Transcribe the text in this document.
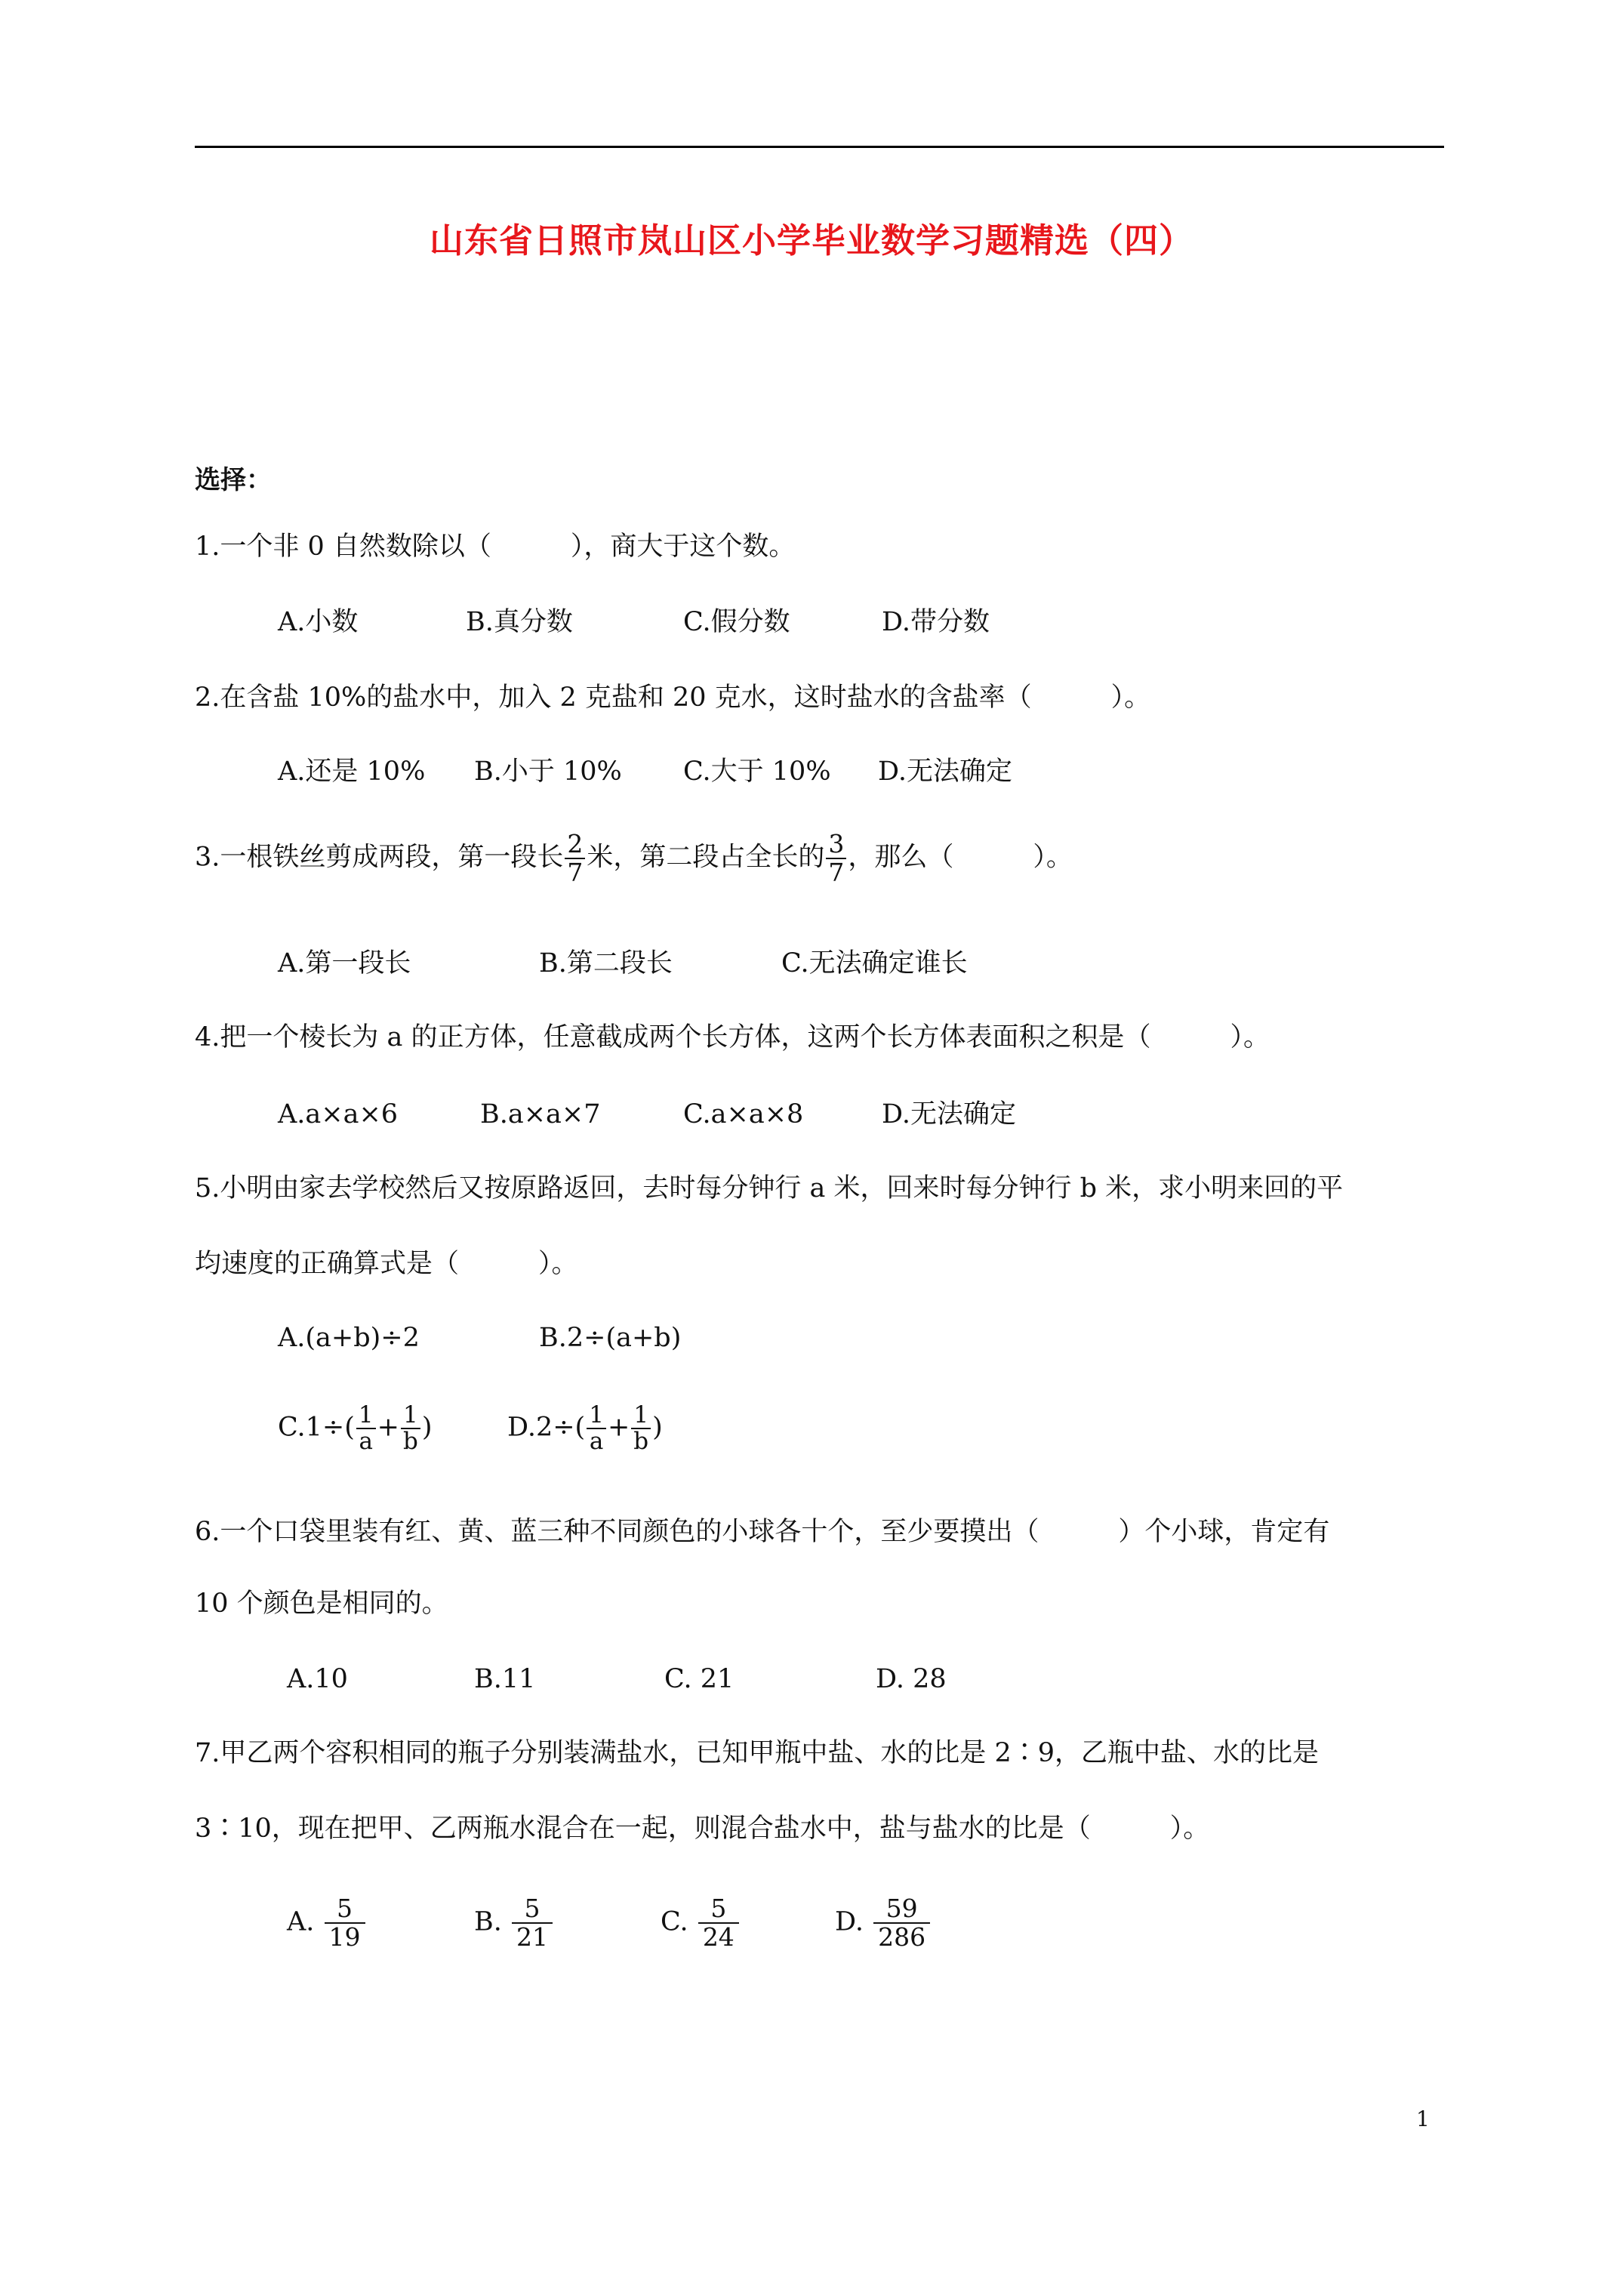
山东省日照市岚山区小学毕业数学习题精选（四）
选择：
1.一个非 0 自然数除以（　　　），商大于这个数。
A.小数	B.真分数	C.假分数	D.带分数
2.在含盐 10%的盐水中，加入 2 克盐和 20 克水，这时盐水的含盐率（　　　）。
A.还是 10% B.小于 10% C.大于 10% D.无法确定
3.一根铁丝剪成两段，第一段长 $\frac{2}{7}$ 米，第二段占全长的 $\frac{3}{7}$ ，那么（　　　）。
A.第一段长	B.第二段长	C.无法确定谁长
4.把一个棱长为 a 的正方体，任意截成两个长方体，这两个长方体表面积之积是（　　　）。
A.a×a×6	B.a×a×7	C.a×a×8	D.无法确定
5.小明由家去学校然后又按原路返回，去时每分钟行 a 米，回来时每分钟行 b 米，求小明来回的平
均速度的正确算式是（　　　）。
A.(a+b)÷2	B.2÷(a+b)
$C.1\div( \frac{1}{a} + \frac{1}{b}$ )	$D.2\div( \frac{1}{a} + \frac{1}{b}$ )
6.一个口袋里装有红、黄、蓝三种不同颜色的小球各十个，至少要摸出（　　　）个小球，肯定有
10 个颜色是相同的。
A.10	B.11	C. 21	D. 28
7.甲乙两个容积相同的瓶子分别装满盐水，已知甲瓶中盐、水的比是 2∶9，乙瓶中盐、水的比是
3∶10，现在把甲、乙两瓶水混合在一起，则混合盐水中，盐与盐水的比是（　　　）。
A. $\frac{5}{19}$	B. $\frac{5}{21}$	C. $\frac{5}{24}$	D. $\frac{59}{286}$
1
